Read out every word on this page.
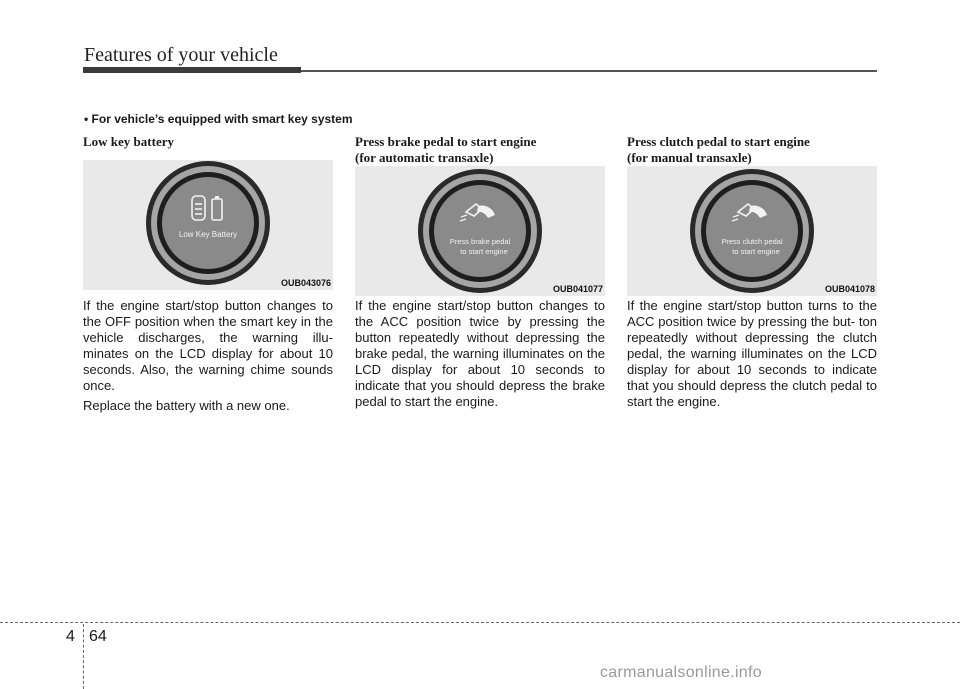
Features of your vehicle
• For vehicle’s equipped with smart key system
Low key battery
Low Key Battery
OUB043076

If the engine start/stop button changes to the OFF position when the smart key in the vehicle discharges, the warning illu- minates on the LCD display for about 10 seconds. Also, the warning chime sounds once.

Replace the battery with a new one.

Press brake pedal to start engine
(for automatic transaxle)
Press brake pedal
to start engine
OUB041077

If the engine start/stop button changes to the ACC position twice by pressing the button repeatedly without depressing the brake pedal, the warning illuminates on the LCD display for about 10 seconds to indicate that you should depress the brake pedal to start the engine.

Press clutch pedal to start engine
(for manual transaxle)
Press clutch pedal
to start engine
OUB041078

If the engine start/stop button turns to the ACC position twice by pressing the but- ton repeatedly without depressing the clutch pedal, the warning illuminates on the LCD display for about 10 seconds to indicate that you should depress the clutch pedal to start the engine.

4 64
carmanualsonline.info
